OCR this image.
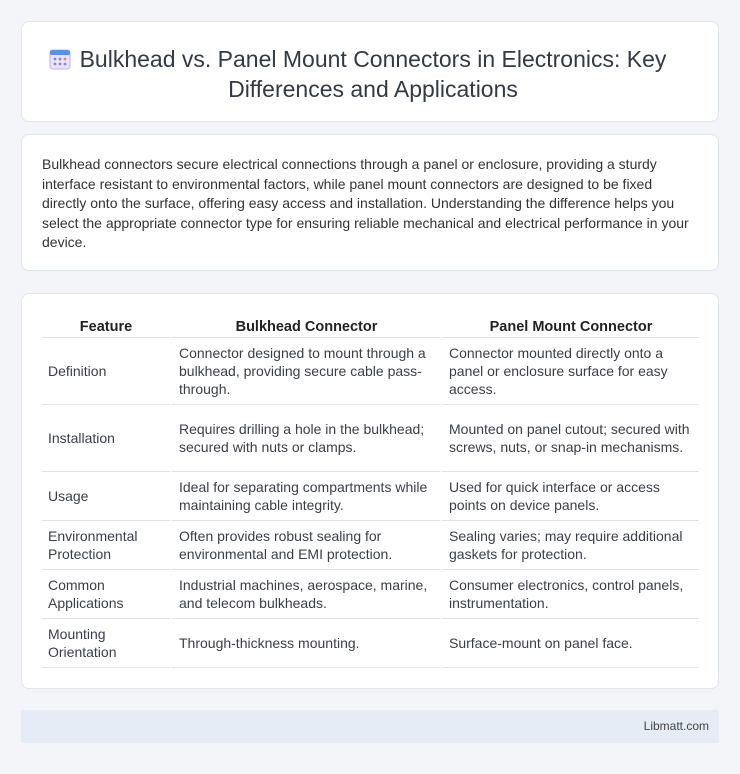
Bulkhead vs. Panel Mount Connectors in Electronics: Key Differences and Applications

Bulkhead connectors secure electrical connections through a panel or enclosure, providing a sturdy interface resistant to environmental factors, while panel mount connectors are designed to be fixed directly onto the surface, offering easy access and installation. Understanding the difference helps you select the appropriate connector type for ensuring reliable mechanical and electrical performance in your device.

Feature	Bulkhead Connector	Panel Mount Connector
Definition	Connector designed to mount through a bulkhead, providing secure cable pass-through.	Connector mounted directly onto a panel or enclosure surface for easy access.
Installation	Requires drilling a hole in the bulkhead; secured with nuts or clamps.	Mounted on panel cutout; secured with screws, nuts, or snap-in mechanisms.
Usage	Ideal for separating compartments while maintaining cable integrity.	Used for quick interface or access points on device panels.
Environmental Protection	Often provides robust sealing for environmental and EMI protection.	Sealing varies; may require additional gaskets for protection.
Common Applications	Industrial machines, aerospace, marine, and telecom bulkheads.	Consumer electronics, control panels, instrumentation.
Mounting Orientation	Through-thickness mounting.	Surface-mount on panel face.
Libmatt.com
